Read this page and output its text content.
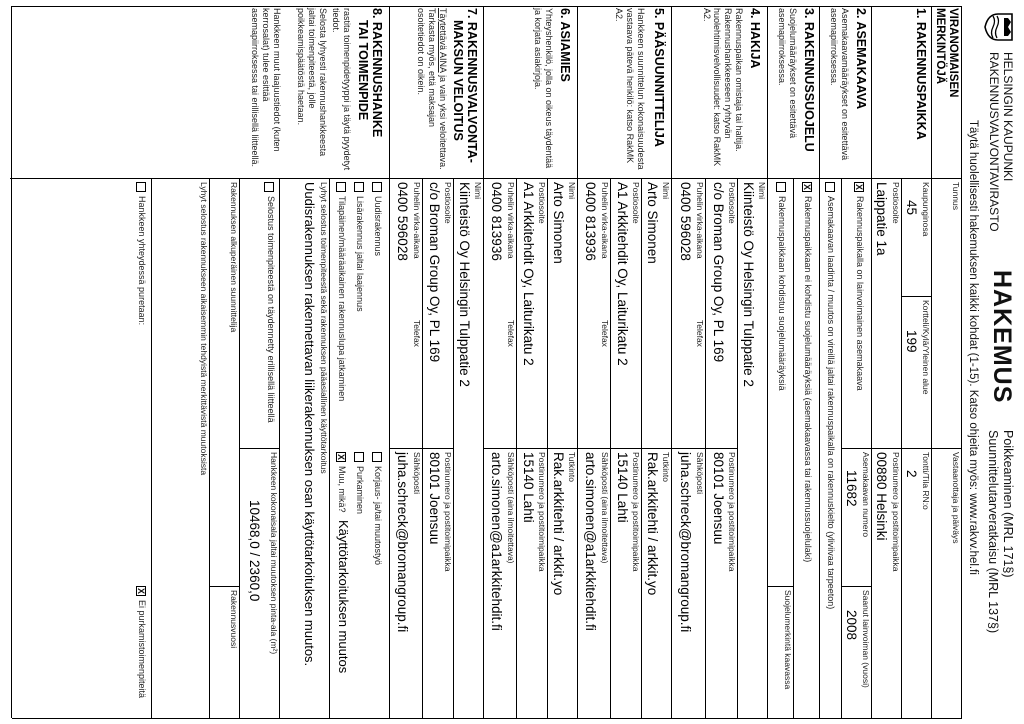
HELSINGIN KAUPUNKI
RAKENNUSVALVONTAVIRASTO
HAKEMUS
Poikkeaminen (MRL 171§)
Suunnittelutarveratkaisu (MRL 137§)
Täytä huolellisesti hakemuksen kaikki kohdat (1-15). Katso ohjeita myös: www.rakvv.hel.fi
VIRANOMAISEN
MERKINTÖJÄ
Tunnus
Vastaanottaja ja päiväys
1. RAKENNUSPAIKKA
Kaupunginosa
45
Kortteli/Kylä/Yleinen alue
199
Tontti/Tila RN:o
2
Postiosoite
Laippatie 1a
Postinumero ja postitoimipaikka
00880 Helsinki
2. ASEMAKAAVA
Asemakaavamääräykset on esitettävä asemapiirroksessa.
X
Rakennuspaikalla on lainvoimainen asemakaava
Asemakaavan numero
11682
Saanut lainvoiman (vuosi)
2008
Asemakaavan laadinta / muutos on vireillä jaltai rakennuspaikalla on rakennuskielto (yliviivaa tarpeeton)
3. RAKENNUSSUOJELU
Suojelumääräykset on esitettävä asemapiirroksessa.
X
Rakennuspaikkaan ei kohdistu suojelumääräyksiä (asemakaavassa tai rakennussuojelulaki)
Rakennuspaikkaan kohdistuu suojelumääräyksiä
Suojelumerkintä kaavassa
4. HAKIJA
Rakennuspaikan omistaja tai haltija. Rakennushankkeeseen ryhtyvän huolehtimisvelvollisuudet: katso RakMK A2.
Nimi
Kiinteistö Oy Helsingin Tulppatie 2
Postiosoite
c/o Broman Group Oy, PL 169
Postinumero ja postitoimipaikka
80101 Joensuu
Puhelin virka-aikana
Telefax
0400 596028
Sähköposti
juha.schreck@bromangroup.fi
5. PÄÄSUUNNITTELIJA
Hankkeen suunnittelun kokonaisuudesta vastaava pätevä henkilö: katso RakMK A2.
Nimi
Arto Simonen
Tutkinto
Rak.arkkitehti / arkkit.yo
Postiosoite
A1 Arkkitehdit Oy, Laiturikatu 2
Postinumero ja postitoimipaikka
15140 Lahti
Puhelin virka-aikana
Telefax
0400 813936
Sähköposti (aina ilmoitettava)
arto.simonen@a1arkkitehdit.fi
6. ASIAMIES
Yhteyshenkilö, jolla on oikeus täydentää ja korjata asiakirjoja.
Nimi
Arto Simonen
Tutkinto
Rak.arkkitehti / arkkit.yo
Postiosoite
A1 Arkkitehdit Oy, Laiturikatu 2
Postinumero ja postitoimipaikka
15140 Lahti
Puhelin virka-aikana
Telefax
0400 813936
Sähköposti (aina ilmoitettava)
arto.simonen@a1arkkitehdit.fi
7. RAKENNUSVALVONTA-
MAKSUN VELOITUS
Täytettävä AINA ja vain yksi veloitettava. Tarkasta myös, että maksajan osoitetiedot on oikein.
Nimi
Kiinteistö Oy Helsingin Tulppatie 2
Postiosoite
c/o Broman Group Oy, PL 169
Postinumero ja postitoimipaikka
80101 Joensuu
Puhelin virka-aikana
Telefax
0400 596028
Sähköposti
juha.schreck@bromangroup.fi
8. RAKENNUSHANKE
TAI TOIMENPIDE
rastita toimenpidetyyppi ja täytä pyydetyt tiedot.
Selosta lyhyesti rakennushankkeesta jaltai toimenpiteestä, jolle poikkeamispäätöstä haetaan.
Hankkeen muut laajuustiedot (kuten kerrosalat) tulee esittää asemapiirroksessa tai erillisellä liitteellä.
Uudisrakennus
Korjaus- ja/tai muutostyö
Lisärakennus jaltai laajennus
Purkaminen
Tilapäinen/määräaikainen rakennuslupa jatkaminen
X
Muu, mikä?
Käyttötarkoituksen muutos
Lyhyt selostus toimenpiteestä sekä rakennuksen pääasiallinen käyttötarkoitus
Uudisrakennuksen rakennettavan liikerakennuksen osan käyttötarkoituksen muutos.
Selostus toimenpiteestä on täydennetty erillisellä liitteellä
Hankkeen kokonaisala jaltai muutoksen pinta-ala (m²)
10468,0 / 2360,0
Rakennuksen alkuperäinen suunnittelija
Rakennusvuosi
Lyhyt selostus rakennukseen aikaisemmin tehdyistä merkittävistä muutoksista
Hankkeen yhteydessä puretaan:
X
Ei purkamistoimenpiteitä
